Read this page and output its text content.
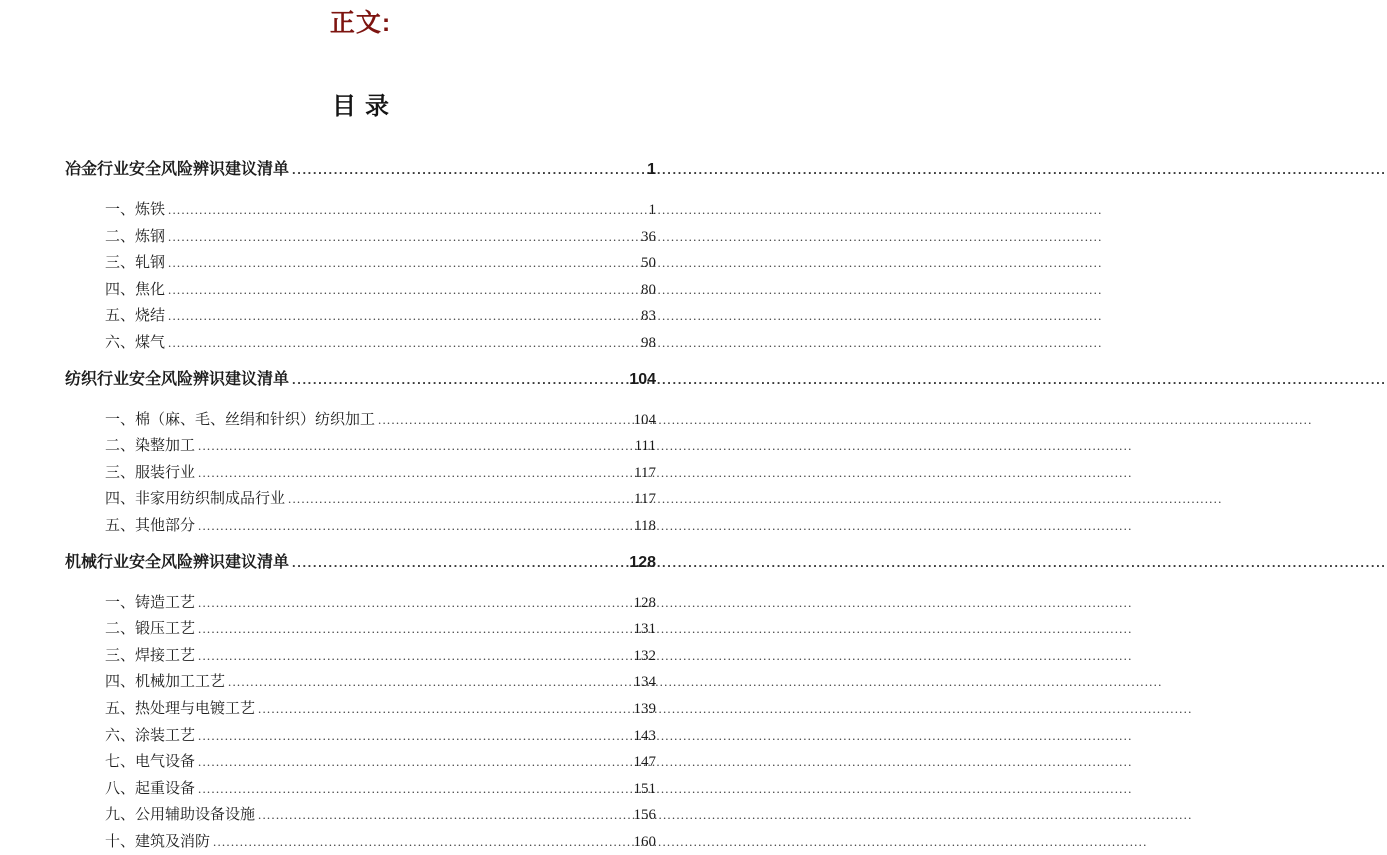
正文:
目录
冶金行业安全风险辨识建议清单 .....	1
一、炼铁 .....	1
二、炼钢 .....	36
三、轧钢 .....	50
四、焦化 .....	80
五、烧结 .....	83
六、煤气 .....	98
纺织行业安全风险辨识建议清单 .....	104
一、棉（麻、毛、丝绢和针织）纺织加工 .....	104
二、染整加工 .....	111
三、服装行业 .....	117
四、非家用纺织制成品行业 .....	117
五、其他部分 .....	118
机械行业安全风险辨识建议清单 .....	128
一、铸造工艺 .....	128
二、锻压工艺 .....	131
三、焊接工艺 .....	132
四、机械加工工艺 .....	134
五、热处理与电镀工艺 .....	139
六、涂装工艺 .....	143
七、电气设备 .....	147
八、起重设备 .....	151
九、公用辅助设备设施 .....	156
十、建筑及消防 .....	160
